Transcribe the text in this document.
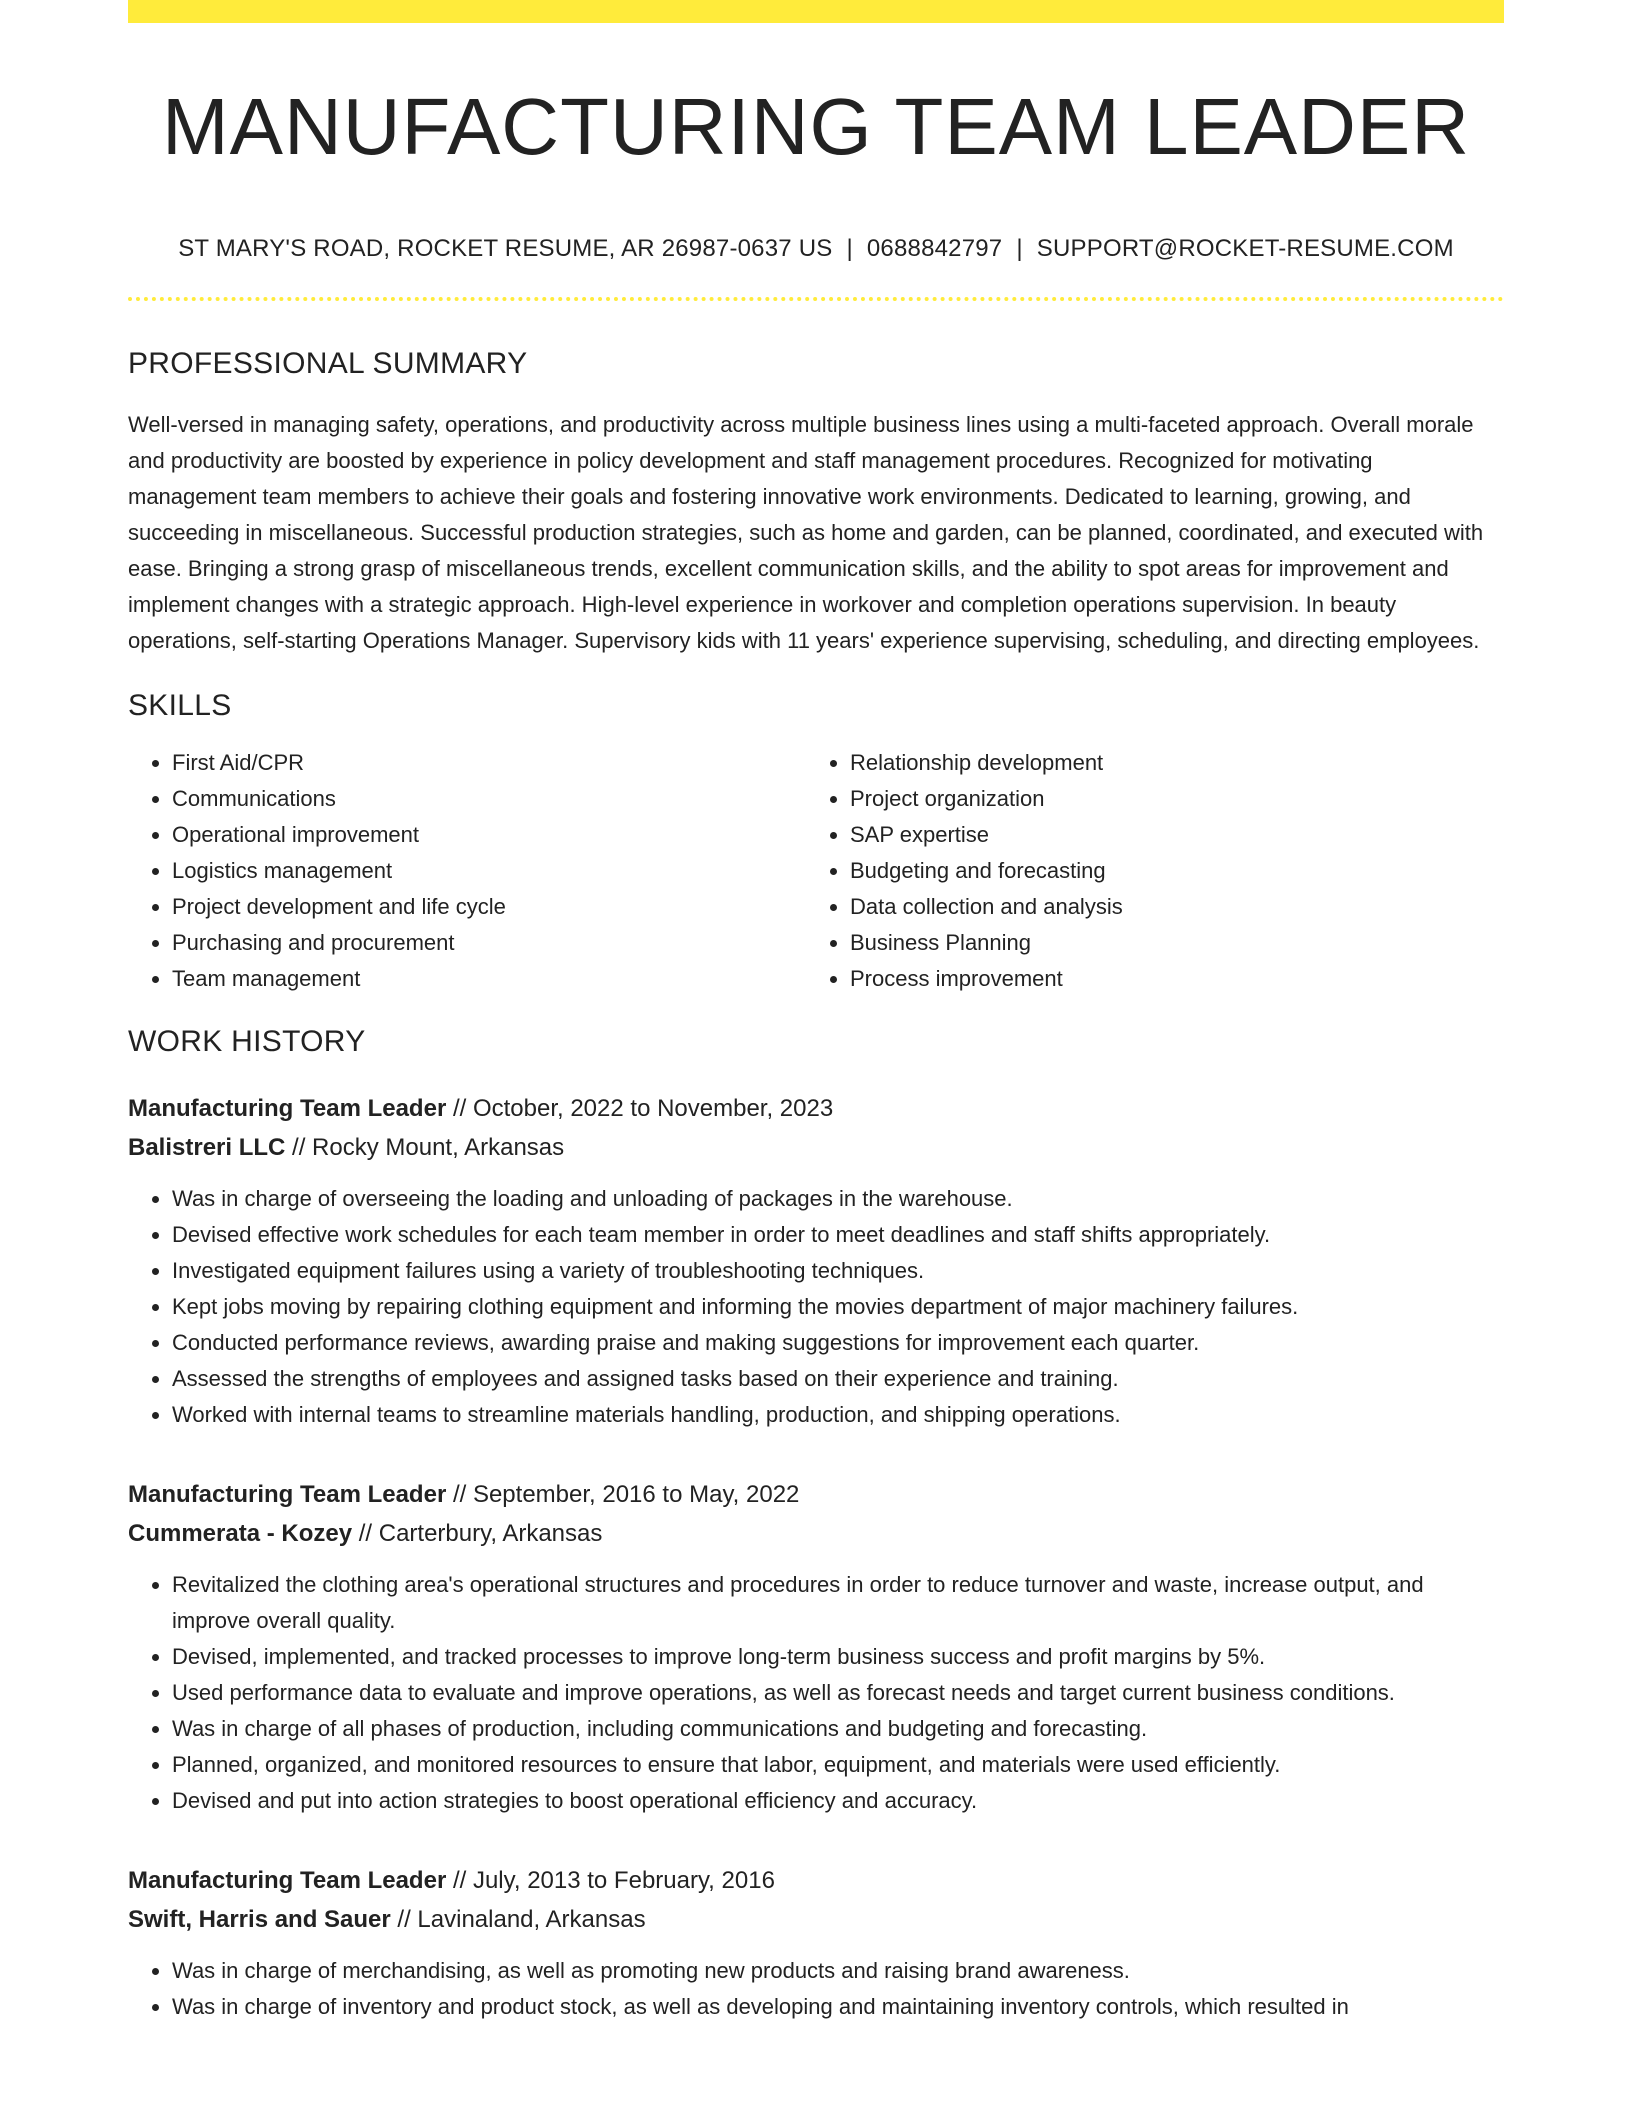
MANUFACTURING TEAM LEADER
ST MARY'S ROAD, ROCKET RESUME, AR 26987-0637 US | 0688842797 | SUPPORT@ROCKET-RESUME.COM
PROFESSIONAL SUMMARY
Well-versed in managing safety, operations, and productivity across multiple business lines using a multi-faceted approach. Overall morale and productivity are boosted by experience in policy development and staff management procedures. Recognized for motivating management team members to achieve their goals and fostering innovative work environments. Dedicated to learning, growing, and succeeding in miscellaneous. Successful production strategies, such as home and garden, can be planned, coordinated, and executed with ease. Bringing a strong grasp of miscellaneous trends, excellent communication skills, and the ability to spot areas for improvement and implement changes with a strategic approach. High-level experience in workover and completion operations supervision. In beauty operations, self-starting Operations Manager. Supervisory kids with 11 years' experience supervising, scheduling, and directing employees.
SKILLS
• First Aid/CPR
• Communications
• Operational improvement
• Logistics management
• Project development and life cycle
• Purchasing and procurement
• Team management
• Relationship development
• Project organization
• SAP expertise
• Budgeting and forecasting
• Data collection and analysis
• Business Planning
• Process improvement
WORK HISTORY
Manufacturing Team Leader // October, 2022 to November, 2023
Balistreri LLC // Rocky Mount, Arkansas
• Was in charge of overseeing the loading and unloading of packages in the warehouse.
• Devised effective work schedules for each team member in order to meet deadlines and staff shifts appropriately.
• Investigated equipment failures using a variety of troubleshooting techniques.
• Kept jobs moving by repairing clothing equipment and informing the movies department of major machinery failures.
• Conducted performance reviews, awarding praise and making suggestions for improvement each quarter.
• Assessed the strengths of employees and assigned tasks based on their experience and training.
• Worked with internal teams to streamline materials handling, production, and shipping operations.
Manufacturing Team Leader // September, 2016 to May, 2022
Cummerata - Kozey // Carterbury, Arkansas
• Revitalized the clothing area's operational structures and procedures in order to reduce turnover and waste, increase output, and improve overall quality.
• Devised, implemented, and tracked processes to improve long-term business success and profit margins by 5%.
• Used performance data to evaluate and improve operations, as well as forecast needs and target current business conditions.
• Was in charge of all phases of production, including communications and budgeting and forecasting.
• Planned, organized, and monitored resources to ensure that labor, equipment, and materials were used efficiently.
• Devised and put into action strategies to boost operational efficiency and accuracy.
Manufacturing Team Leader // July, 2013 to February, 2016
Swift, Harris and Sauer // Lavinaland, Arkansas
• Was in charge of merchandising, as well as promoting new products and raising brand awareness.
• Was in charge of inventory and product stock, as well as developing and maintaining inventory controls, which resulted in
